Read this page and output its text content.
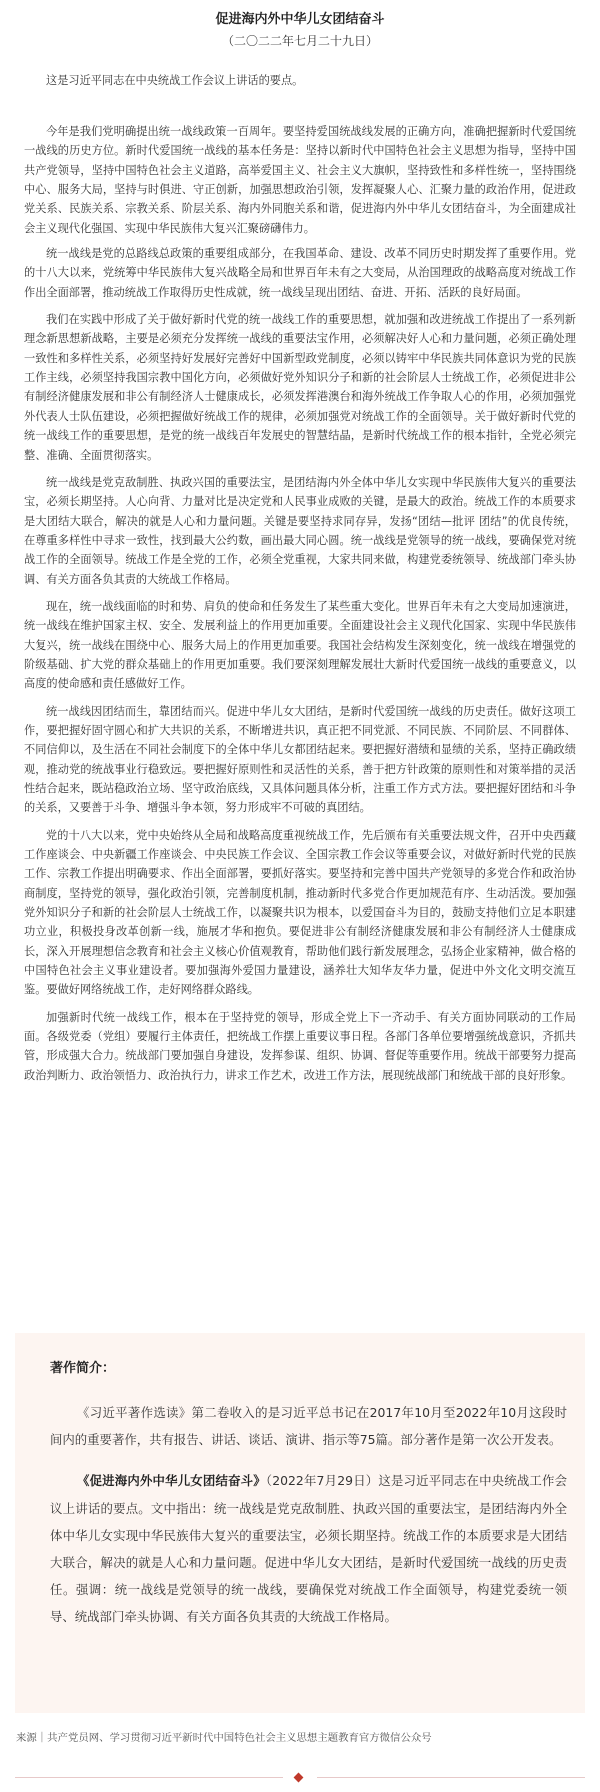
促进海内外中华儿女团结奋斗
（二〇二二年七月二十九日）
这是习近平同志在中央统战工作会议上讲话的要点。

今年是我们党明确提出统一战线政策一百周年。要坚持爱国统战线发展的正确方向，准确把握新时代爱国统一战线的历史方位。新时代爱国统一战线的基本任务是：坚持以新时代中国特色社会主义思想为指导，坚持中国共产党领导，坚持中国特色社会主义道路，高举爱国主义、社会主义大旗帜，坚持致性和多样性统一，坚持围绕中心、服务大局，坚持与时俱进、守正创新，加强思想政治引领，发挥凝聚人心、汇聚力量的政治作用，促进政党关系、民族关系、宗教关系、阶层关系、海内外同胞关系和谐，促进海内外中华儿女团结奋斗，为全面建成社会主义现代化强国、实现中华民族伟大复兴汇聚磅礴伟力。

统一战线是党的总路线总政策的重要组成部分，在我国革命、建设、改革不同历史时期发挥了重要作用。党的十八大以来，党统筹中华民族伟大复兴战略全局和世界百年未有之大变局，从治国理政的战略高度对统战工作作出全面部署，推动统战工作取得历史性成就，统一战线呈现出团结、奋进、开拓、活跃的良好局面。

我们在实践中形成了关于做好新时代党的统一战线工作的重要思想，就加强和改进统战工作提出了一系列新理念新思想新战略，主要是必须充分发挥统一战线的重要法宝作用，必须解决好人心和力量问题，必须正确处理一致性和多样性关系，必须坚持好发展好完善好中国新型政党制度，必须以铸牢中华民族共同体意识为党的民族工作主线，必须坚持我国宗教中国化方向，必须做好党外知识分子和新的社会阶层人士统战工作，必须促进非公有制经济健康发展和非公有制经济人士健康成长，必须发挥港澳台和海外统战工作争取人心的作用，必须加强党外代表人士队伍建设，必须把握做好统战工作的规律，必须加强党对统战工作的全面领导。关于做好新时代党的统一战线工作的重要思想，是党的统一战线百年发展史的智慧结晶，是新时代统战工作的根本指针，全党必须完整、准确、全面贯彻落实。

统一战线是党克敌制胜、执政兴国的重要法宝，是团结海内外全体中华儿女实现中华民族伟大复兴的重要法宝，必须长期坚持。人心向背、力量对比是决定党和人民事业成败的关键，是最大的政治。统战工作的本质要求是大团结大联合，解决的就是人心和力量问题。关键是要坚持求同存异，发扬“团结—批评 团结”的优良传统，在尊重多样性中寻求一致性，找到最大公约数，画出最大同心圆。统一战线是党领导的统一战线，要确保党对统战工作的全面领导。统战工作是全党的工作，必须全党重视，大家共同来做，构建党委统领导、统战部门牵头协调、有关方面各负其责的大统战工作格局。

现在，统一战线面临的时和势、肩负的使命和任务发生了某些重大变化。世界百年未有之大变局加速演进，统一战线在维护国家主权、安全、发展利益上的作用更加重要。全面建设社会主义现代化国家、实现中华民族伟大复兴，统一战线在围绕中心、服务大局上的作用更加重要。我国社会结构发生深刻变化，统一战线在增强党的阶级基础、扩大党的群众基础上的作用更加重要。我们要深刻理解发展壮大新时代爱国统一战线的重要意义，以高度的使命感和责任感做好工作。

统一战线因团结而生，靠团结而兴。促进中华儿女大团结，是新时代爱国统一战线的历史责任。做好这项工作，要把握好固守圆心和扩大共识的关系，不断增进共识，真正把不同党派、不同民族、不同阶层、不同群体、不同信仰以，及生活在不同社会制度下的全体中华儿女都团结起来。要把握好潜绩和显绩的关系，坚持正确政绩观，推动党的统战事业行稳致远。要把握好原则性和灵活性的关系，善于把方针政策的原则性和对策举措的灵活性结合起来，既站稳政治立场、坚守政治底线，又具体问题具体分析，注重工作方式方法。要把握好团结和斗争的关系，又要善于斗争、增强斗争本领，努力形成牢不可破的真团结。

党的十八大以来，党中央始终从全局和战略高度重视统战工作，先后颁布有关重要法规文件，召开中央西藏工作座谈会、中央新疆工作座谈会、中央民族工作会议、全国宗教工作会议等重要会议，对做好新时代党的民族工作、宗教工作提出明确要求、作出全面部署，要抓好落实。要坚持和完善中国共产党领导的多党合作和政治协商制度，坚持党的领导，强化政治引领，完善制度机制，推动新时代多党合作更加规范有序、生动活泼。要加强党外知识分子和新的社会阶层人士统战工作，以凝聚共识为根本，以爱国奋斗为目的，鼓励支持他们立足本职建功立业，积极投身改革创新一线，施展才华和抱负。要促进非公有制经济健康发展和非公有制经济人士健康成长，深入开展理想信念教育和社会主义核心价值观教育，帮助他们践行新发展理念，弘扬企业家精神，做合格的中国特色社会主义事业建设者。要加强海外爱国力量建设，涵养壮大知华友华力量，促进中外文化文明交流互鉴。要做好网络统战工作，走好网络群众路线。

加强新时代统一战线工作，根本在于坚持党的领导，形成全党上下一齐动手、有关方面协同联动的工作局面。各级党委（党组）要履行主体责任，把统战工作摆上重要议事日程。各部门各单位要增强统战意识，齐抓共管，形成强大合力。统战部门要加强自身建设，发挥参谋、组织、协调、督促等重要作用。统战干部要努力提高政治判断力、政治领悟力、政治执行力，讲求工作艺术，改进工作方法，展现统战部门和统战干部的良好形象。

著作简介：

《习近平著作选读》第二卷收入的是习近平总书记在2017年10月至2022年10月这段时间内的重要著作，共有报告、讲话、谈话、演讲、指示等75篇。部分著作是第一次公开发表。

《促进海内外中华儿女团结奋斗》（2022年7月29日）这是习近平同志在中央统战工作会议上讲话的要点。文中指出：统一战线是党克敌制胜、执政兴国的重要法宝，是团结海内外全体中华儿女实现中华民族伟大复兴的重要法宝，必须长期坚持。统战工作的本质要求是大团结大联合，解决的就是人心和力量问题。促进中华儿女大团结，是新时代爱国统一战线的历史责任。强调：统一战线是党领导的统一战线，要确保党对统战工作全面领导，构建党委统一领导、统战部门牵头协调、有关方面各负其责的大统战工作格局。

来源｜共产党员网、学习贯彻习近平新时代中国特色社会主义思想主题教育官方微信公众号
